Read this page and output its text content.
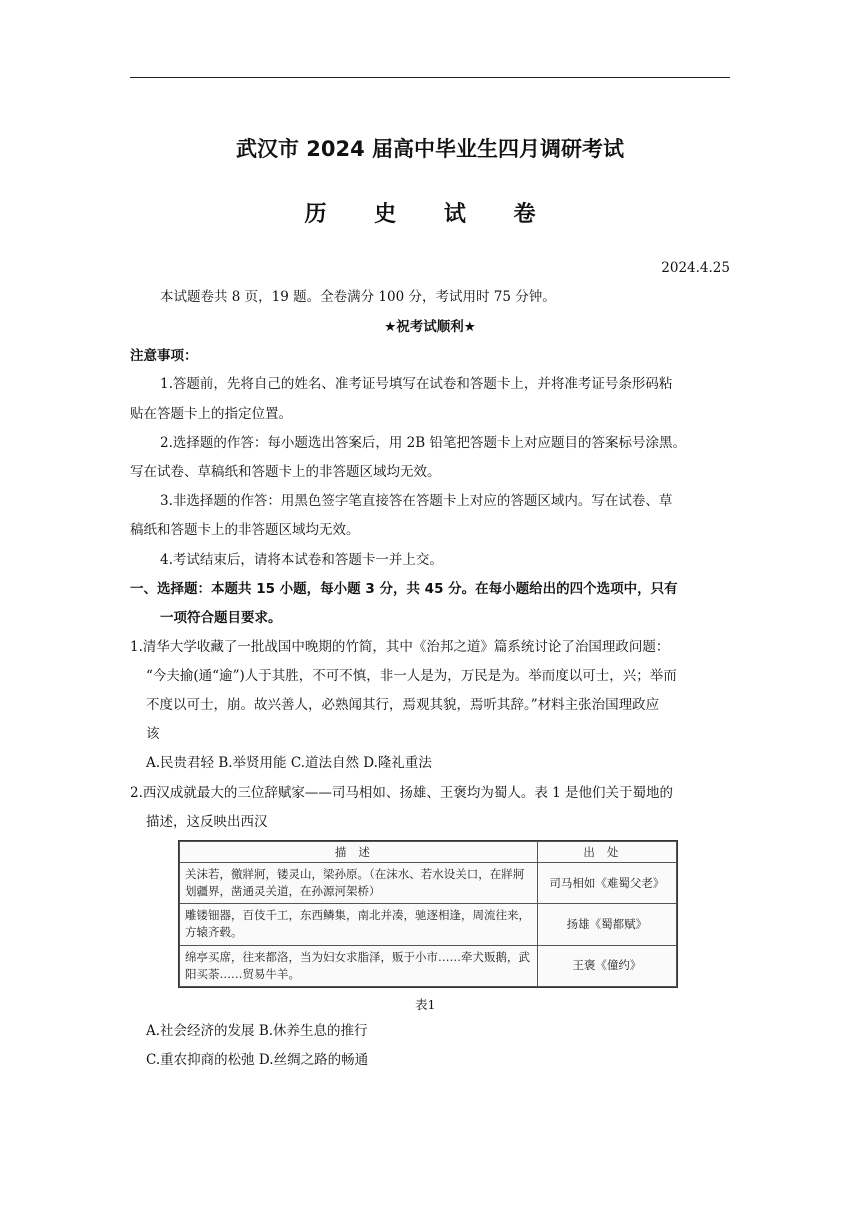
武汉市 2024 届高中毕业生四月调研考试
历 史 试 卷
2024.4.25
本试题卷共 8 页，19 题。全卷满分 100 分，考试用时 75 分钟。
★祝考试顺利★
注意事项：
1.答题前，先将自己的姓名、准考证号填写在试卷和答题卡上，并将准考证号条形码粘
贴在答题卡上的指定位置。
2.选择题的作答：每小题选出答案后，用 2B 铅笔把答题卡上对应题目的答案标号涂黑。
写在试卷、草稿纸和答题卡上的非答题区域均无效。
3.非选择题的作答：用黑色签字笔直接答在答题卡上对应的答题区域内。写在试卷、草
稿纸和答题卡上的非答题区域均无效。
4.考试结束后，请将本试卷和答题卡一并上交。
一、选择题：本题共 15 小题，每小题 3 分，共 45 分。在每小题给出的四个选项中，只有
一项符合题目要求。
1.清华大学收藏了一批战国中晚期的竹简，其中《治邦之道》篇系统讨论了治国理政问题：
“今夫揄(通“逾”)人于其胜，不可不慎，非一人是为，万民是为。举而度以可士，兴；举而
不度以可士，崩。故兴善人，必熟闻其行，焉观其貌，焉听其辞。”材料主张治国理政应
该
A.民贵君轻 B.举贤用能 C.道法自然 D.隆礼重法
2.西汉成就最大的三位辞赋家——司马相如、扬雄、王褒均为蜀人。表 1 是他们关于蜀地的
描述，这反映出西汉
描述	出处
关沫若，徼牂牁，镂灵山，梁孙原。（在沫水、若水设关口，在牂牁划疆界，凿通灵关道，在孙源河架桥）	司马相如《难蜀父老》
雕镂钿器，百伎千工，东西鳞集，南北并凑，驰逐相逢，周流往来，方辕齐毂。	扬雄《蜀都赋》
绵亭买席，往来都洛，当为妇女求脂泽，贩于小市……牵犬贩鹅，武阳买荼……贸易牛羊。	王褒《僮约》
表1
A.社会经济的发展 B.休养生息的推行
C.重农抑商的松弛 D.丝绸之路的畅通
